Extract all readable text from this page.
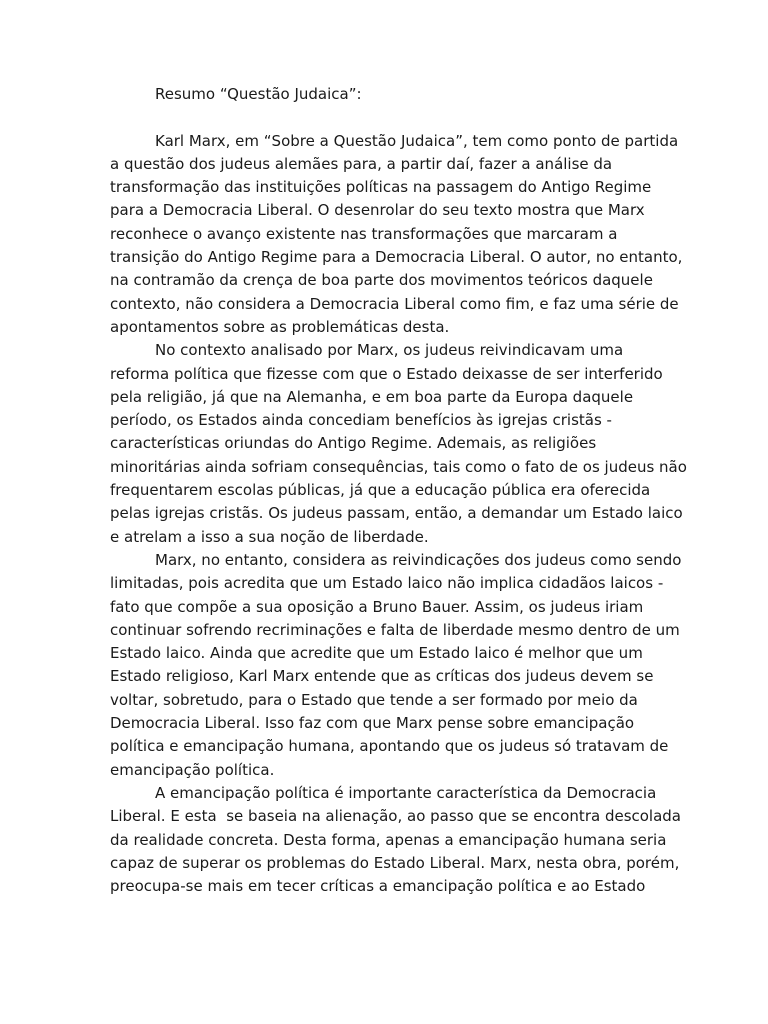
Resumo “Questão Judaica”:
Karl Marx, em “Sobre a Questão Judaica”, tem como ponto de partida
a questão dos judeus alemães para, a partir daí, fazer a análise da
transformação das instituições políticas na passagem do Antigo Regime
para a Democracia Liberal. O desenrolar do seu texto mostra que Marx
reconhece o avanço existente nas transformações que marcaram a
transição do Antigo Regime para a Democracia Liberal. O autor, no entanto,
na contramão da crença de boa parte dos movimentos teóricos daquele
contexto, não considera a Democracia Liberal como fim, e faz uma série de
apontamentos sobre as problemáticas desta.
No contexto analisado por Marx, os judeus reivindicavam uma
reforma política que fizesse com que o Estado deixasse de ser interferido
pela religião, já que na Alemanha, e em boa parte da Europa daquele
período, os Estados ainda concediam benefícios às igrejas cristãs -
características oriundas do Antigo Regime. Ademais, as religiões
minoritárias ainda sofriam consequências, tais como o fato de os judeus não
frequentarem escolas públicas, já que a educação pública era oferecida
pelas igrejas cristãs. Os judeus passam, então, a demandar um Estado laico
e atrelam a isso a sua noção de liberdade.
Marx, no entanto, considera as reivindicações dos judeus como sendo
limitadas, pois acredita que um Estado laico não implica cidadãos laicos -
fato que compõe a sua oposição a Bruno Bauer. Assim, os judeus iriam
continuar sofrendo recriminações e falta de liberdade mesmo dentro de um
Estado laico. Ainda que acredite que um Estado laico é melhor que um
Estado religioso, Karl Marx entende que as críticas dos judeus devem se
voltar, sobretudo, para o Estado que tende a ser formado por meio da
Democracia Liberal. Isso faz com que Marx pense sobre emancipação
política e emancipação humana, apontando que os judeus só tratavam de
emancipação política.
A emancipação política é importante característica da Democracia
Liberal. E esta  se baseia na alienação, ao passo que se encontra descolada
da realidade concreta. Desta forma, apenas a emancipação humana seria
capaz de superar os problemas do Estado Liberal. Marx, nesta obra, porém,
preocupa-se mais em tecer críticas a emancipação política e ao Estado
